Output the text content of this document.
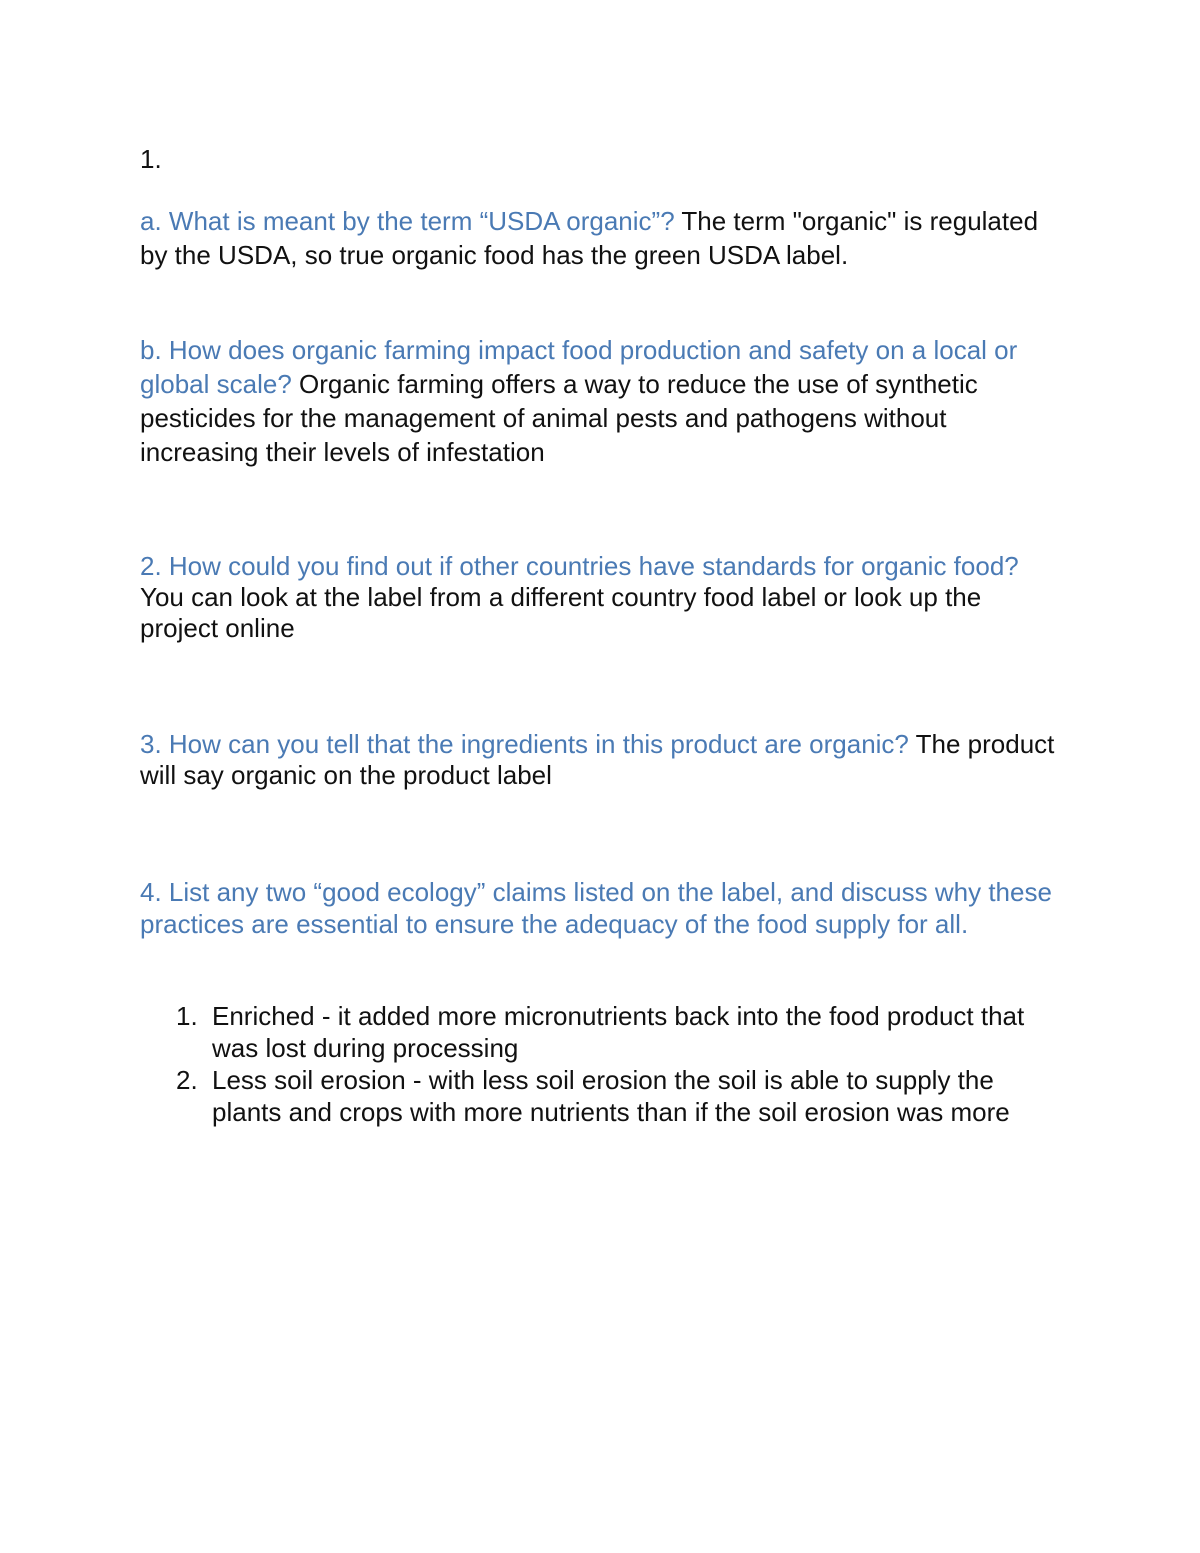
1.

a. What is meant by the term “USDA organic”? The term "organic" is regulated by the USDA, so true organic food has the green USDA label.

b. How does organic farming impact food production and safety on a local or global scale? Organic farming offers a way to reduce the use of synthetic pesticides for the management of animal pests and pathogens without increasing their levels of infestation

2. How could you find out if other countries have standards for organic food? You can look at the label from a different country food label or look up the project online

3. How can you tell that the ingredients in this product are organic? The product will say organic on the product label

4. List any two “good ecology” claims listed on the label, and discuss why these practices are essential to ensure the adequacy of the food supply for all.

1. Enriched - it added more micronutrients back into the food product that was lost during processing
2. Less soil erosion - with less soil erosion the soil is able to supply the plants and crops with more nutrients than if the soil erosion was more
